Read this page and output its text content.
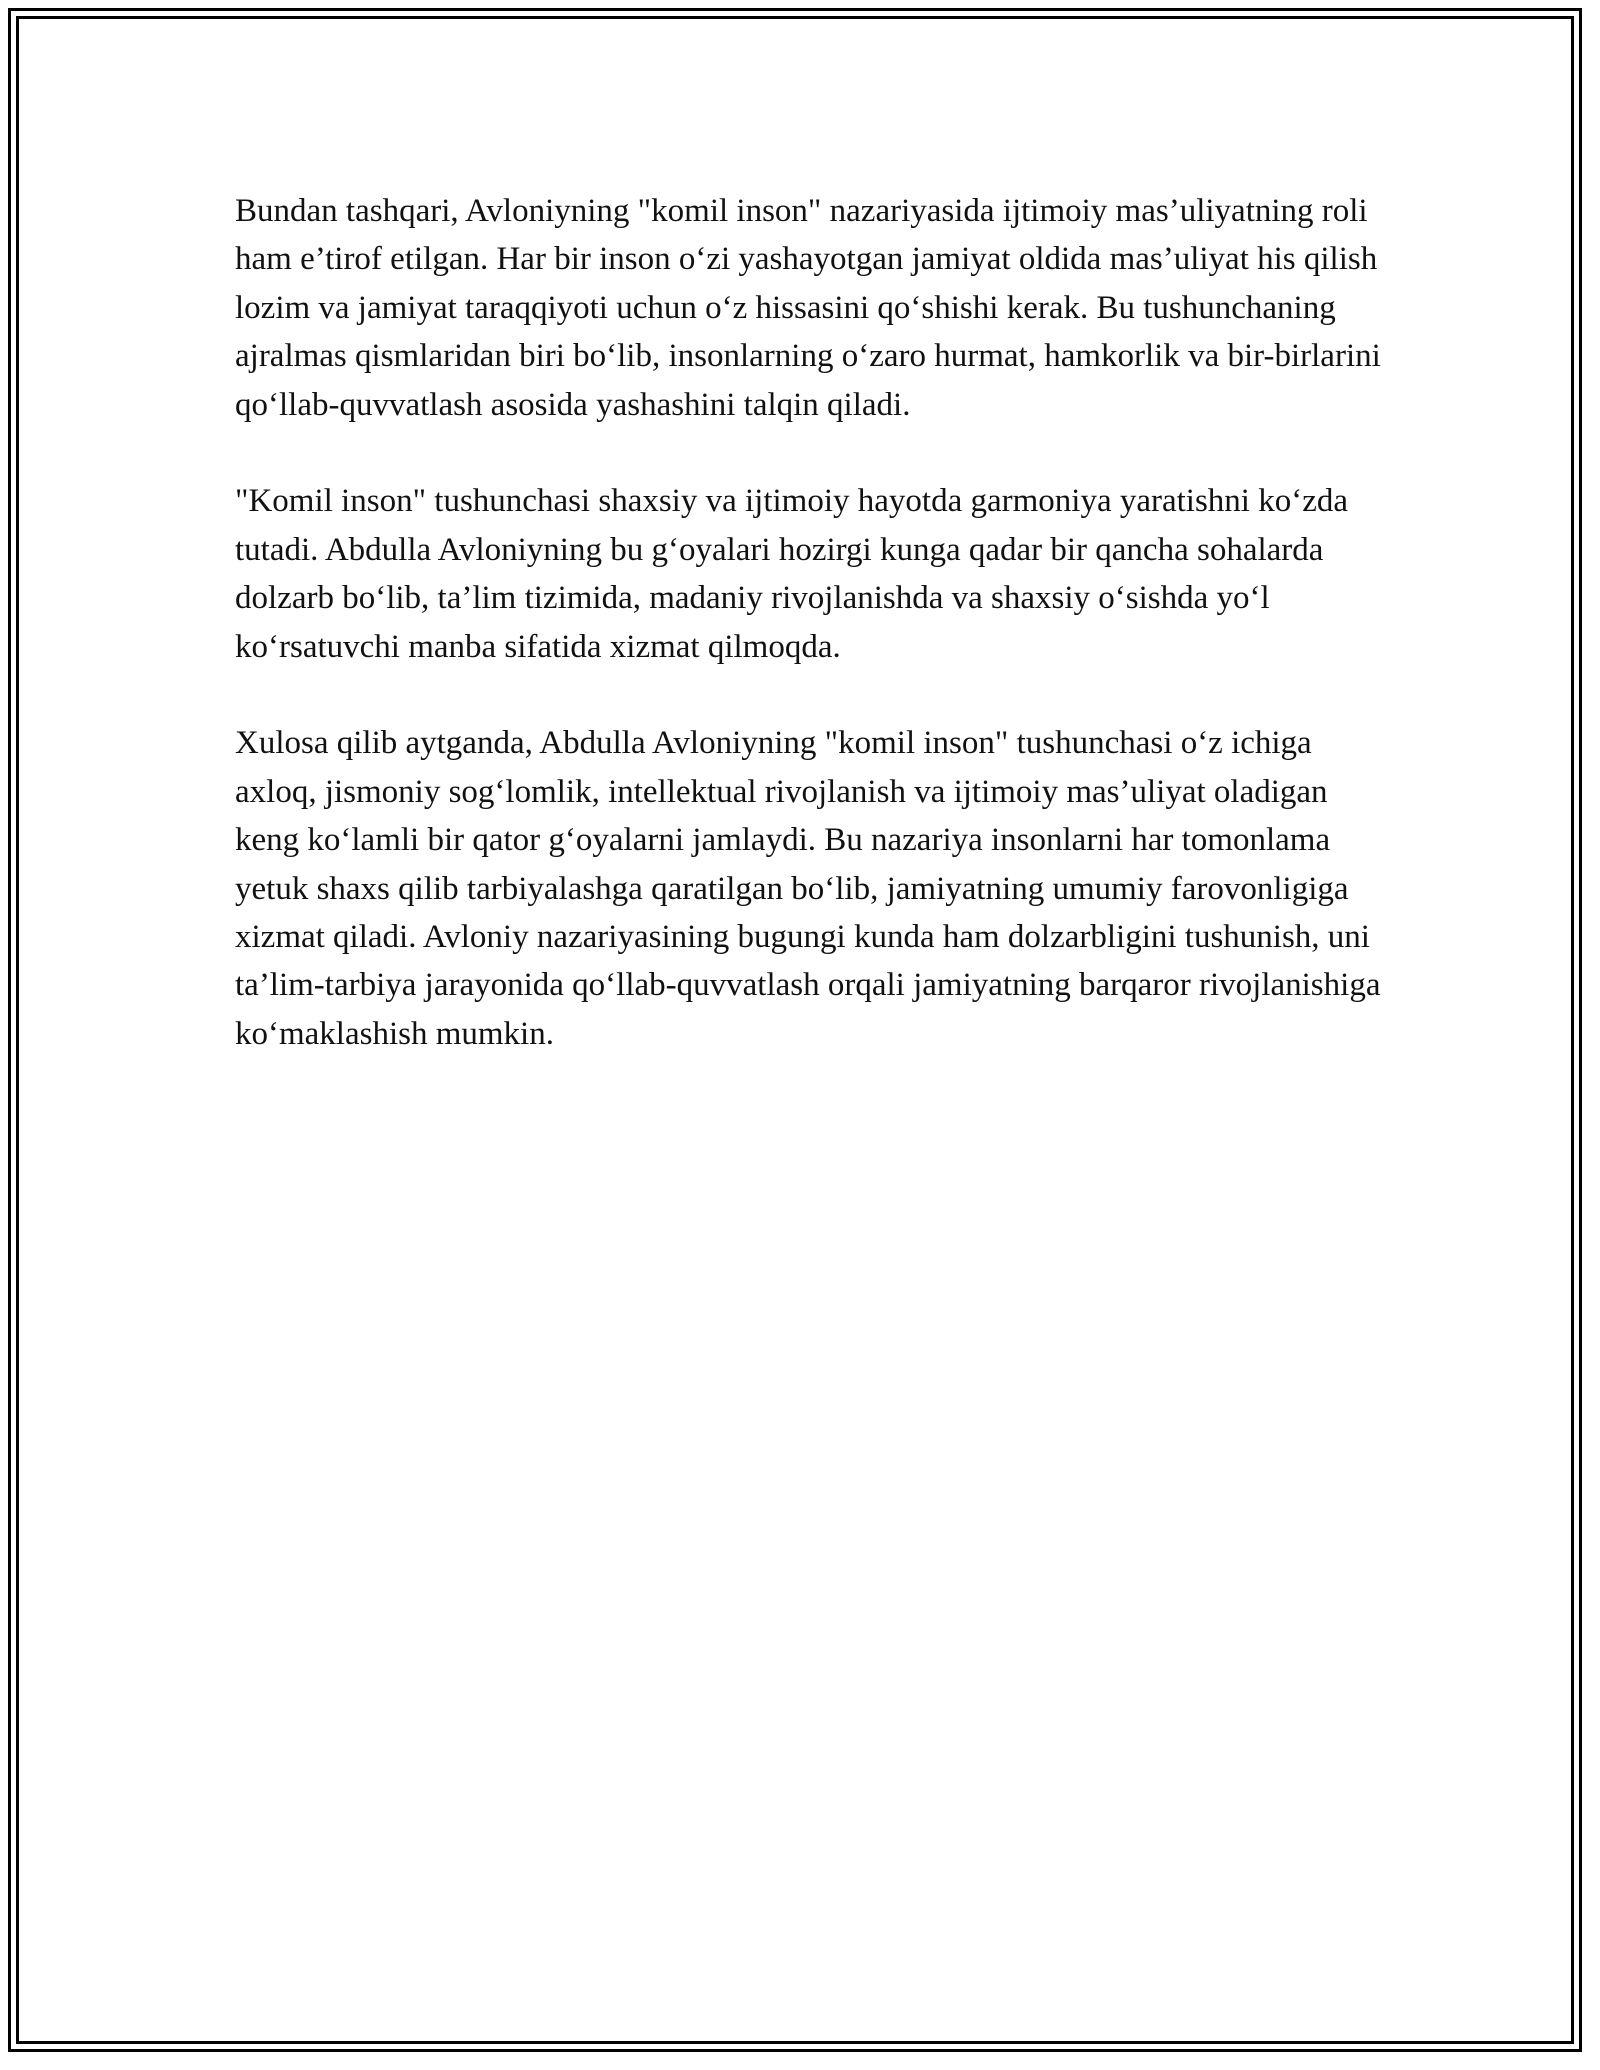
Bundan tashqari, Avloniyning "komil inson" nazariyasida ijtimoiy mas’uliyatning roli ham e’tirof etilgan. Har bir inson o‘zi yashayotgan jamiyat oldida mas’uliyat his qilish lozim va jamiyat taraqqiyoti uchun o‘z hissasini qo‘shishi kerak. Bu tushunchaning ajralmas qismlaridan biri bo‘lib, insonlarning o‘zaro hurmat, hamkorlik va bir-birlarini qo‘llab-quvvatlash asosida yashashini talqin qiladi.

"Komil inson" tushunchasi shaxsiy va ijtimoiy hayotda garmoniya yaratishni ko‘zda tutadi. Abdulla Avloniyning bu g‘oyalari hozirgi kunga qadar bir qancha sohalarda dolzarb bo‘lib, ta’lim tizimida, madaniy rivojlanishda va shaxsiy o‘sishda yo‘l ko‘rsatuvchi manba sifatida xizmat qilmoqda.

Xulosa qilib aytganda, Abdulla Avloniyning "komil inson" tushunchasi o‘z ichiga axloq, jismoniy sog‘lomlik, intellektual rivojlanish va ijtimoiy mas’uliyat oladigan keng ko‘lamli bir qator g‘oyalarni jamlaydi. Bu nazariya insonlarni har tomonlama yetuk shaxs qilib tarbiyalashga qaratilgan bo‘lib, jamiyatning umumiy farovonligiga xizmat qiladi. Avloniy nazariyasining bugungi kunda ham dolzarbligini tushunish, uni ta’lim-tarbiya jarayonida qo‘llab-quvvatlash orqali jamiyatning barqaror rivojlanishiga ko‘maklashish mumkin.
